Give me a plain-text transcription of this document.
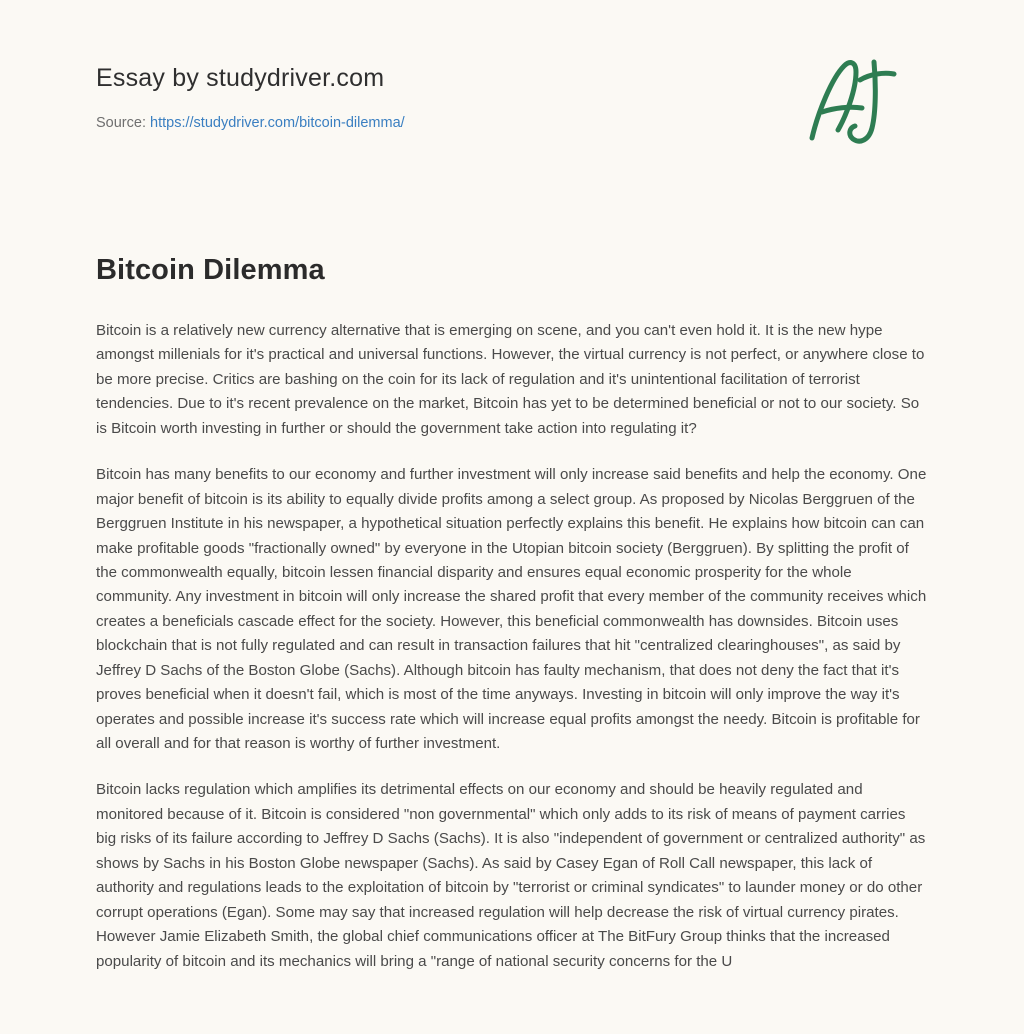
Essay by studydriver.com
Source: https://studydriver.com/bitcoin-dilemma/
Bitcoin Dilemma

Bitcoin is a relatively new currency alternative that is emerging on scene, and you can't even hold it. It is the new hype amongst millenials for it's practical and universal functions. However, the virtual currency is not perfect, or anywhere close to be more precise. Critics are bashing on the coin for its lack of regulation and it's unintentional facilitation of terrorist tendencies. Due to it's recent prevalence on the market, Bitcoin has yet to be determined beneficial or not to our society. So is Bitcoin worth investing in further or should the government take action into regulating it?

Bitcoin has many benefits to our economy and further investment will only increase said benefits and help the economy. One major benefit of bitcoin is its ability to equally divide profits among a select group. As proposed by Nicolas Berggruen of the Berggruen Institute in his newspaper, a hypothetical situation perfectly explains this benefit. He explains how bitcoin can can make profitable goods "fractionally owned" by everyone in the Utopian bitcoin society (Berggruen). By splitting the profit of the commonwealth equally, bitcoin lessen financial disparity and ensures equal economic prosperity for the whole community. Any investment in bitcoin will only increase the shared profit that every member of the community receives which creates a beneficials cascade effect for the society. However, this beneficial commonwealth has downsides. Bitcoin uses blockchain that is not fully regulated and can result in transaction failures that hit "centralized clearinghouses", as said by Jeffrey D Sachs of the Boston Globe (Sachs). Although bitcoin has faulty mechanism, that does not deny the fact that it's proves beneficial when it doesn't fail, which is most of the time anyways. Investing in bitcoin will only improve the way it's operates and possible increase it's success rate which will increase equal profits amongst the needy. Bitcoin is profitable for all overall and for that reason is worthy of further investment.

Bitcoin lacks regulation which amplifies its detrimental effects on our economy and should be heavily regulated and monitored because of it. Bitcoin is considered "non governmental" which only adds to its risk of means of payment carries big risks of its failure according to Jeffrey D Sachs (Sachs). It is also "independent of government or centralized authority" as shows by Sachs in his Boston Globe newspaper (Sachs). As said by Casey Egan of Roll Call newspaper, this lack of authority and regulations leads to the exploitation of bitcoin by "terrorist or criminal syndicates" to launder money or do other corrupt operations (Egan). Some may say that increased regulation will help decrease the risk of virtual currency pirates. However Jamie Elizabeth Smith, the global chief communications officer at The BitFury Group thinks that the increased popularity of bitcoin and its mechanics will bring a "range of national security concerns for the U
